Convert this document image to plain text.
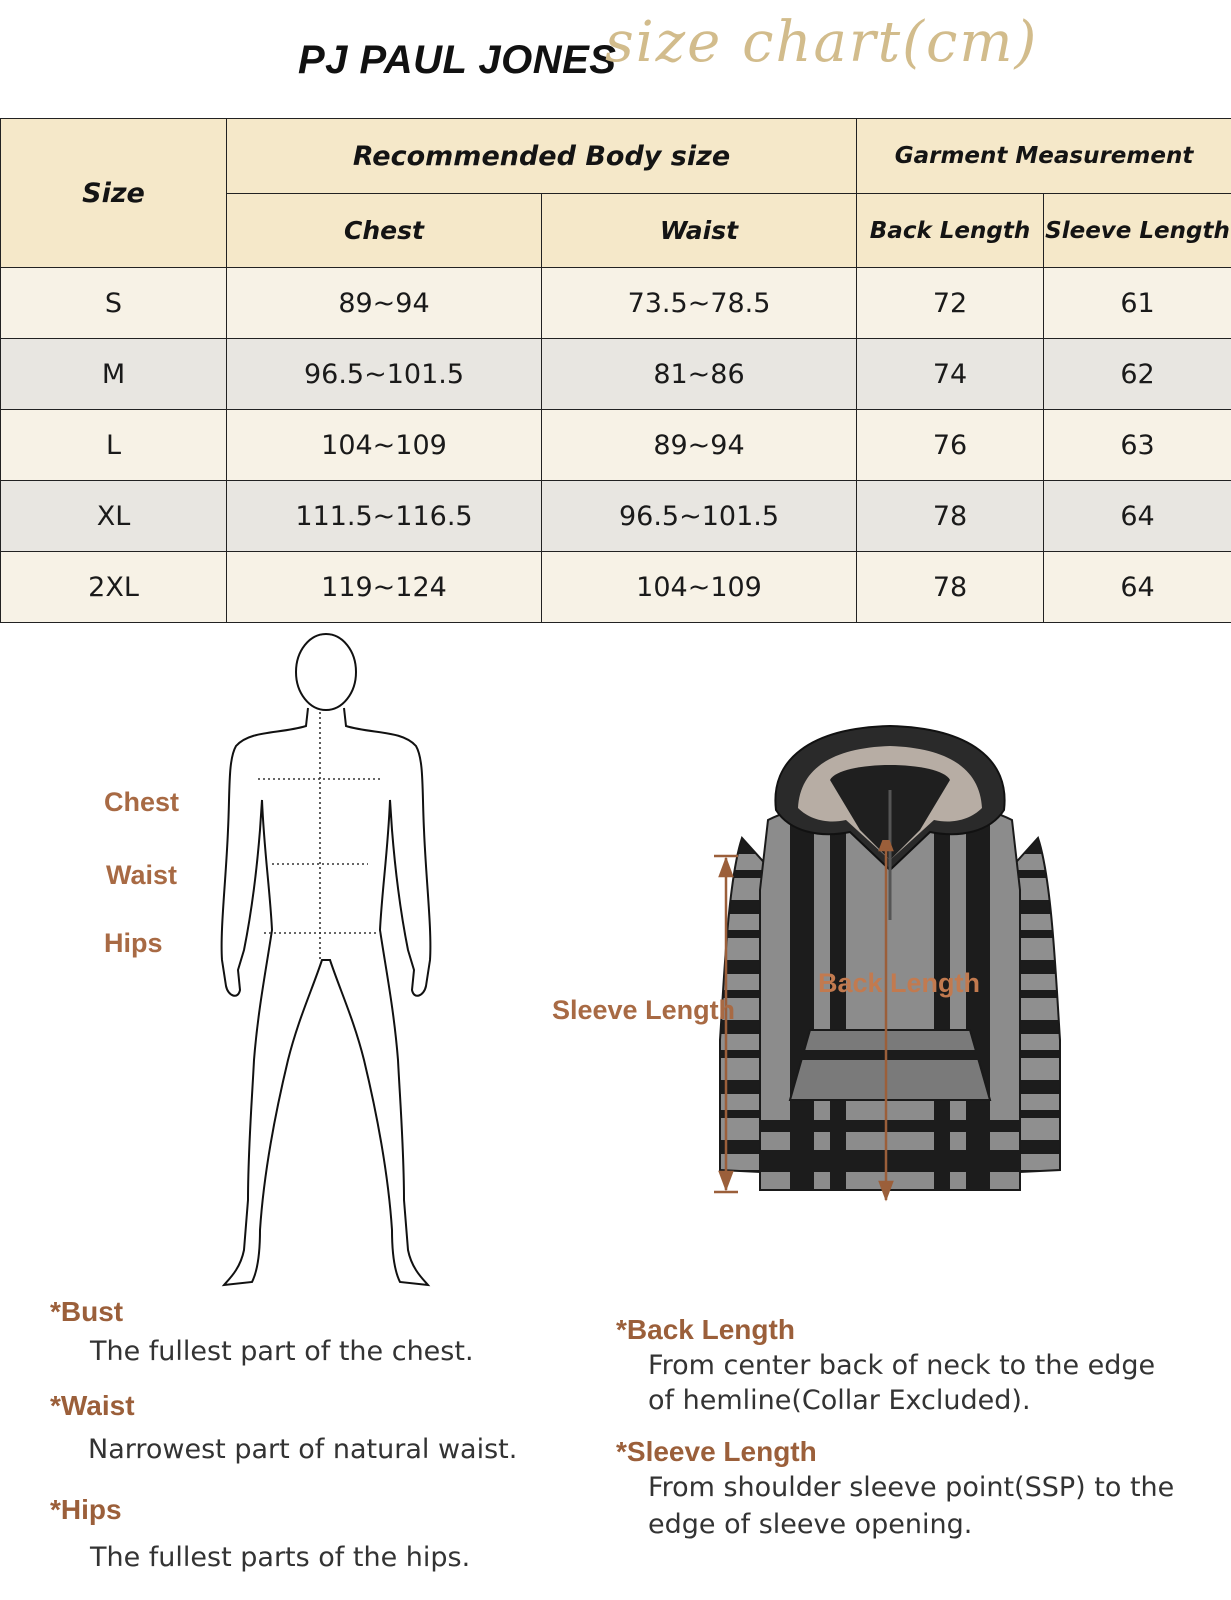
PJ PAUL JONES
size chart(cm)
Size	Recommended Body size		Garment Measurement	
	Chest	Waist	Back Length	Sleeve Length
S	89~94	73.5~78.5	72	61
M	96.5~101.5	81~86	74	62
L	104~109	89~94	76	63
XL	111.5~116.5	96.5~101.5	78	64
2XL	119~124	104~109	78	64
Chest
Waist
Hips
Sleeve Length
Back Length
*Bust
The fullest part of the chest.
*Waist
Narrowest part of natural waist.
*Hips
The fullest parts of the hips.
*Back Length
From center back of neck to the edge
of hemline(Collar Excluded).
*Sleeve Length
From shoulder sleeve point(SSP) to the
edge of sleeve opening.
